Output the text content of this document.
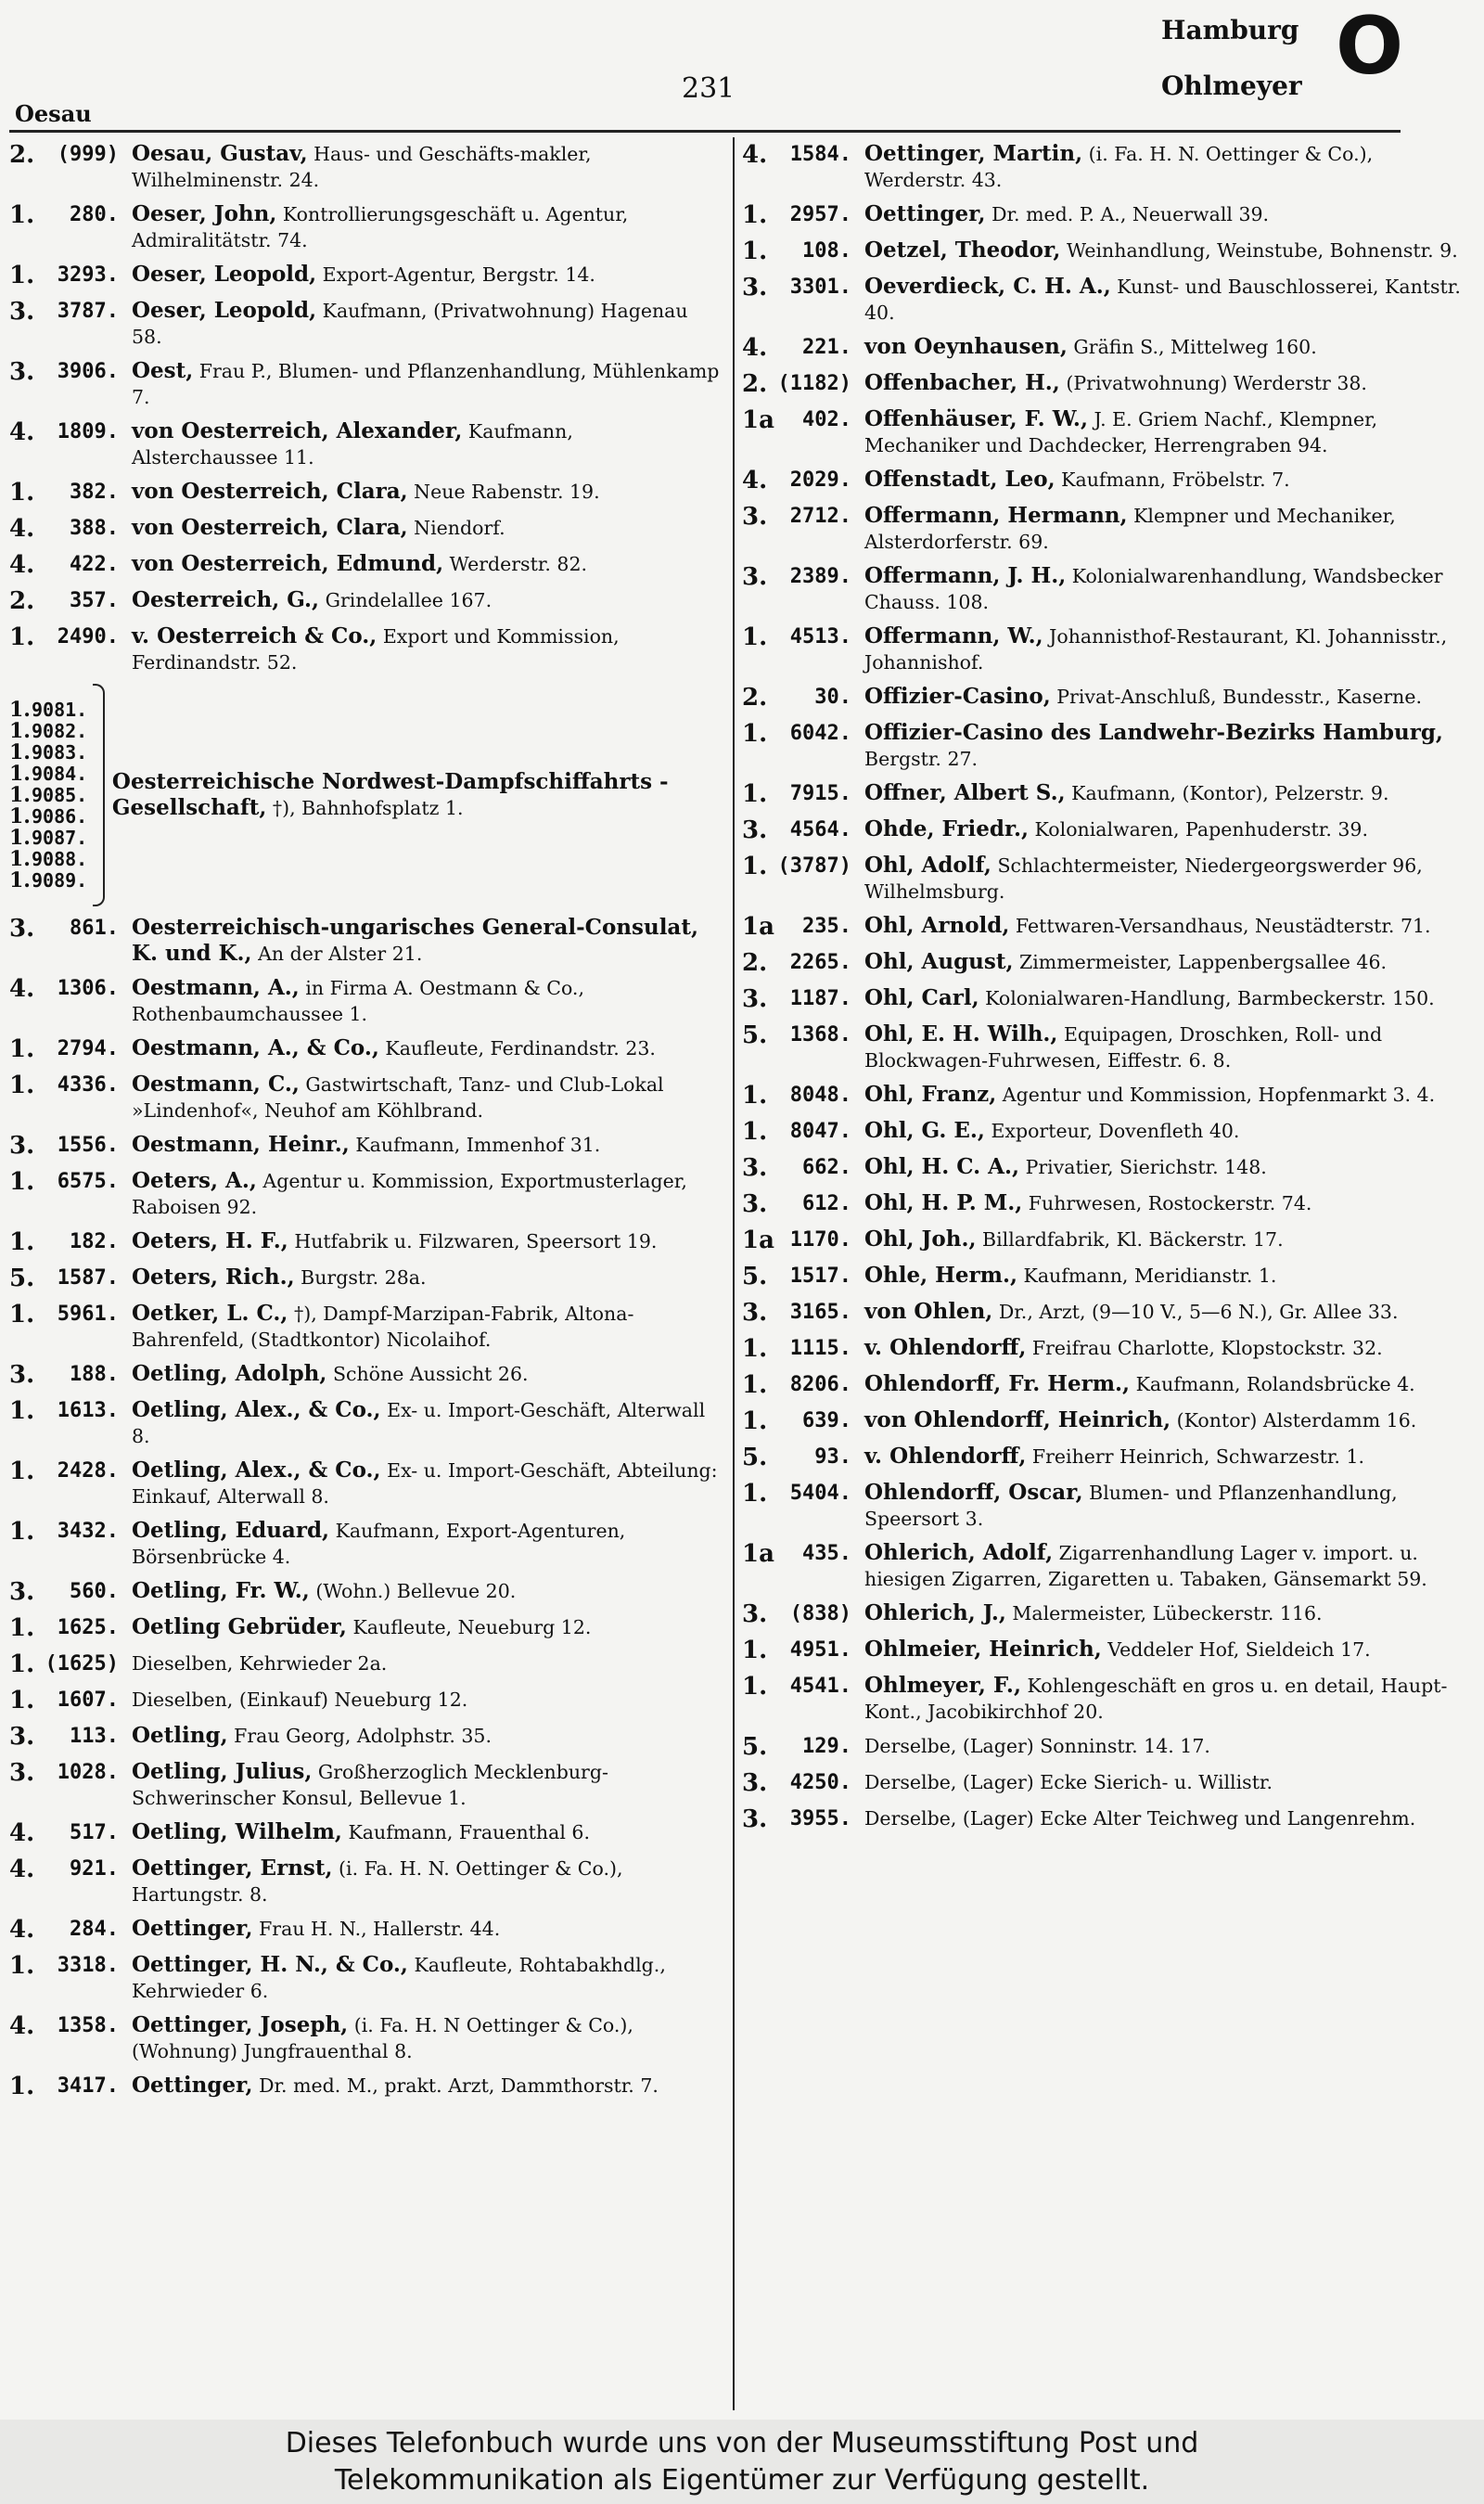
Oesau
231
Hamburg
Ohlmeyer O
2.	(999) Oesau, Gustav, Haus- und Geschäfts-makler, Wilhelminenstr. 24.
1.	280. Oeser, John, Kontrollierungsgeschäft u. Agentur, Admiralitätstr. 74.
1.	3293. Oeser, Leopold, Export-Agentur, Bergstr. 14.
3.	3787. Oeser, Leopold, Kaufmann, (Privatwohnung) Hagenau 58.
3.	3906. Oest, Frau P., Blumen- und Pflanzenhandlung, Mühlenkamp 7.
4.	1809. von Oesterreich, Alexander, Kaufmann, Alsterchaussee 11.
1.	382. von Oesterreich, Clara, Neue Rabenstr. 19.
4.	388. von Oesterreich, Clara, Niendorf.
4.	422. von Oesterreich, Edmund, Werderstr. 82.
2.	357. Oesterreich, G., Grindelallee 167.
1.	2490. v. Oesterreich & Co., Export und Kommission, Ferdinandstr. 52.
1. 9081.
1. 9082.
1. 9083.
1. 9084.
1. 9085.
1. 9086.
1. 9087.
1. 9088.
1. 9089.
Oesterreichische Nordwest-Dampfschiffahrts - Gesellschaft, †), Bahnhofsplatz 1.
3.	861. Oesterreichisch-ungarisches General-Consulat, K. und K., An der Alster 21.
4.	1306. Oestmann, A., in Firma A. Oestmann & Co., Rothenbaumchaussee 1.
1.	2794. Oestmann, A., & Co., Kaufleute, Ferdinandstr. 23.
1.	4336. Oestmann, C., Gastwirtschaft, Tanz- und Club-Lokal »Lindenhof«, Neuhof am Köhlbrand.
3.	1556. Oestmann, Heinr., Kaufmann, Immenhof 31.
1.	6575. Oeters, A., Agentur u. Kommission, Exportmusterlager, Raboisen 92.
1.	182. Oeters, H. F., Hutfabrik u. Filzwaren, Speersort 19.
5.	1587. Oeters, Rich., Burgstr. 28a.
1.	5961. Oetker, L. C., †), Dampf-Marzipan-Fabrik, Altona-Bahrenfeld, (Stadtkontor) Nicolaihof.
3.	188. Oetling, Adolph, Schöne Aussicht 26.
1.	1613. Oetling, Alex., & Co., Ex- u. Import-Geschäft, Alterwall 8.
1.	2428. Oetling, Alex., & Co., Ex- u. Import-Geschäft, Abteilung: Einkauf, Alterwall 8.
1.	3432. Oetling, Eduard, Kaufmann, Export-Agenturen, Börsenbrücke 4.
3.	560. Oetling, Fr. W., (Wohn.) Bellevue 20.
1.	1625. Oetling Gebrüder, Kaufleute, Neueburg 12.
1. (1625) Dieselben, Kehrwieder 2a.
1.	1607. Dieselben, (Einkauf) Neueburg 12.
3.	113. Oetling, Frau Georg, Adolphstr. 35.
3.	1028. Oetling, Julius, Großherzoglich Mecklenburg-Schwerinscher Konsul, Bellevue 1.
4.	517. Oetling, Wilhelm, Kaufmann, Frauenthal 6.
4.	921. Oettinger, Ernst, (i. Fa. H. N. Oettinger & Co.), Hartungstr. 8.
4.	284. Oettinger, Frau H. N., Hallerstr. 44.
1.	3318. Oettinger, H. N., & Co., Kaufleute, Rohtabakhdlg., Kehrwieder 6.
4.	1358. Oettinger, Joseph, (i. Fa. H. N Oettinger & Co.), (Wohnung) Jungfrauenthal 8.
1.	3417. Oettinger, Dr. med. M., prakt. Arzt, Dammthorstr. 7.
4.	1584. Oettinger, Martin, (i. Fa. H. N. Oettinger & Co.), Werderstr. 43.
1.	2957. Oettinger, Dr. med. P. A., Neuerwall 39.
1.	108. Oetzel, Theodor, Weinhandlung, Weinstube, Bohnenstr. 9.
3.	3301. Oeverdieck, C. H. A., Kunst- und Bauschlosserei, Kantstr. 40.
4.	221. von Oeynhausen, Gräfin S., Mittelweg 160.
2. (1182) Offenbacher, H., (Privatwohnung) Werderstr 38.
1a	402. Offenhäuser, F. W., J. E. Griem Nachf., Klempner, Mechaniker und Dachdecker, Herrengraben 94.
4.	2029. Offenstadt, Leo, Kaufmann, Fröbelstr. 7.
3.	2712. Offermann, Hermann, Klempner und Mechaniker, Alsterdorferstr. 69.
3.	2389. Offermann, J. H., Kolonialwarenhandlung, Wandsbecker Chauss. 108.
1.	4513. Offermann, W., Johannisthof-Restaurant, Kl. Johannisstr., Johannishof.
2.	30. Offizier-Casino, Privat-Anschluß, Bundesstr., Kaserne.
1.	6042. Offizier-Casino des Landwehr-Bezirks Hamburg, Bergstr. 27.
1.	7915. Offner, Albert S., Kaufmann, (Kontor), Pelzerstr. 9.
3.	4564. Ohde, Friedr., Kolonialwaren, Papenhuderstr. 39.
1. (3787) Ohl, Adolf, Schlachtermeister, Niedergeorgswerder 96, Wilhelmsburg.
1a	235. Ohl, Arnold, Fettwaren-Versandhaus, Neustädterstr. 71.
2.	2265. Ohl, August, Zimmermeister, Lappenbergsallee 46.
3.	1187. Ohl, Carl, Kolonialwaren-Handlung, Barmbeckerstr. 150.
5.	1368. Ohl, E. H. Wilh., Equipagen, Droschken, Roll- und Blockwagen-Fuhrwesen, Eiffestr. 6. 8.
1.	8048. Ohl, Franz, Agentur und Kommission, Hopfenmarkt 3. 4.
1.	8047. Ohl, G. E., Exporteur, Dovenfleth 40.
3.	662. Ohl, H. C. A., Privatier, Sierichstr. 148.
3.	612. Ohl, H. P. M., Fuhrwesen, Rostockerstr. 74.
1a 1170. Ohl, Joh., Billardfabrik, Kl. Bäckerstr. 17.
5.	1517. Ohle, Herm., Kaufmann, Meridianstr. 1.
3.	3165. von Ohlen, Dr., Arzt, (9—10 V., 5—6 N.), Gr. Allee 33.
1.	1115. v. Ohlendorff, Freifrau Charlotte, Klopstockstr. 32.
1.	8206. Ohlendorff, Fr. Herm., Kaufmann, Rolandsbrücke 4.
1.	639. von Ohlendorff, Heinrich, (Kontor) Alsterdamm 16.
5.	93. v. Ohlendorff, Freiherr Heinrich, Schwarzestr. 1.
1.	5404. Ohlendorff, Oscar, Blumen- und Pflanzenhandlung, Speersort 3.
1a	435. Ohlerich, Adolf, Zigarrenhandlung Lager v. import. u. hiesigen Zigarren, Zigaretten u. Tabaken, Gänsemarkt 59.
3.	(838) Ohlerich, J., Malermeister, Lübeckerstr. 116.
1.	4951. Ohlmeier, Heinrich, Veddeler Hof, Sieldeich 17.
1.	4541. Ohlmeyer, F., Kohlengeschäft en gros u. en detail, Haupt-Kont., Jacobikirchhof 20.
5.	129. Derselbe, (Lager) Sonninstr. 14. 17.
3.	4250. Derselbe, (Lager) Ecke Sierich- u. Willistr.
3.	3955. Derselbe, (Lager) Ecke Alter Teichweg und Langenrehm.
Dieses Telefonbuch wurde uns von der Museumsstiftung Post und
Telekommunikation als Eigentümer zur Verfügung gestellt.
